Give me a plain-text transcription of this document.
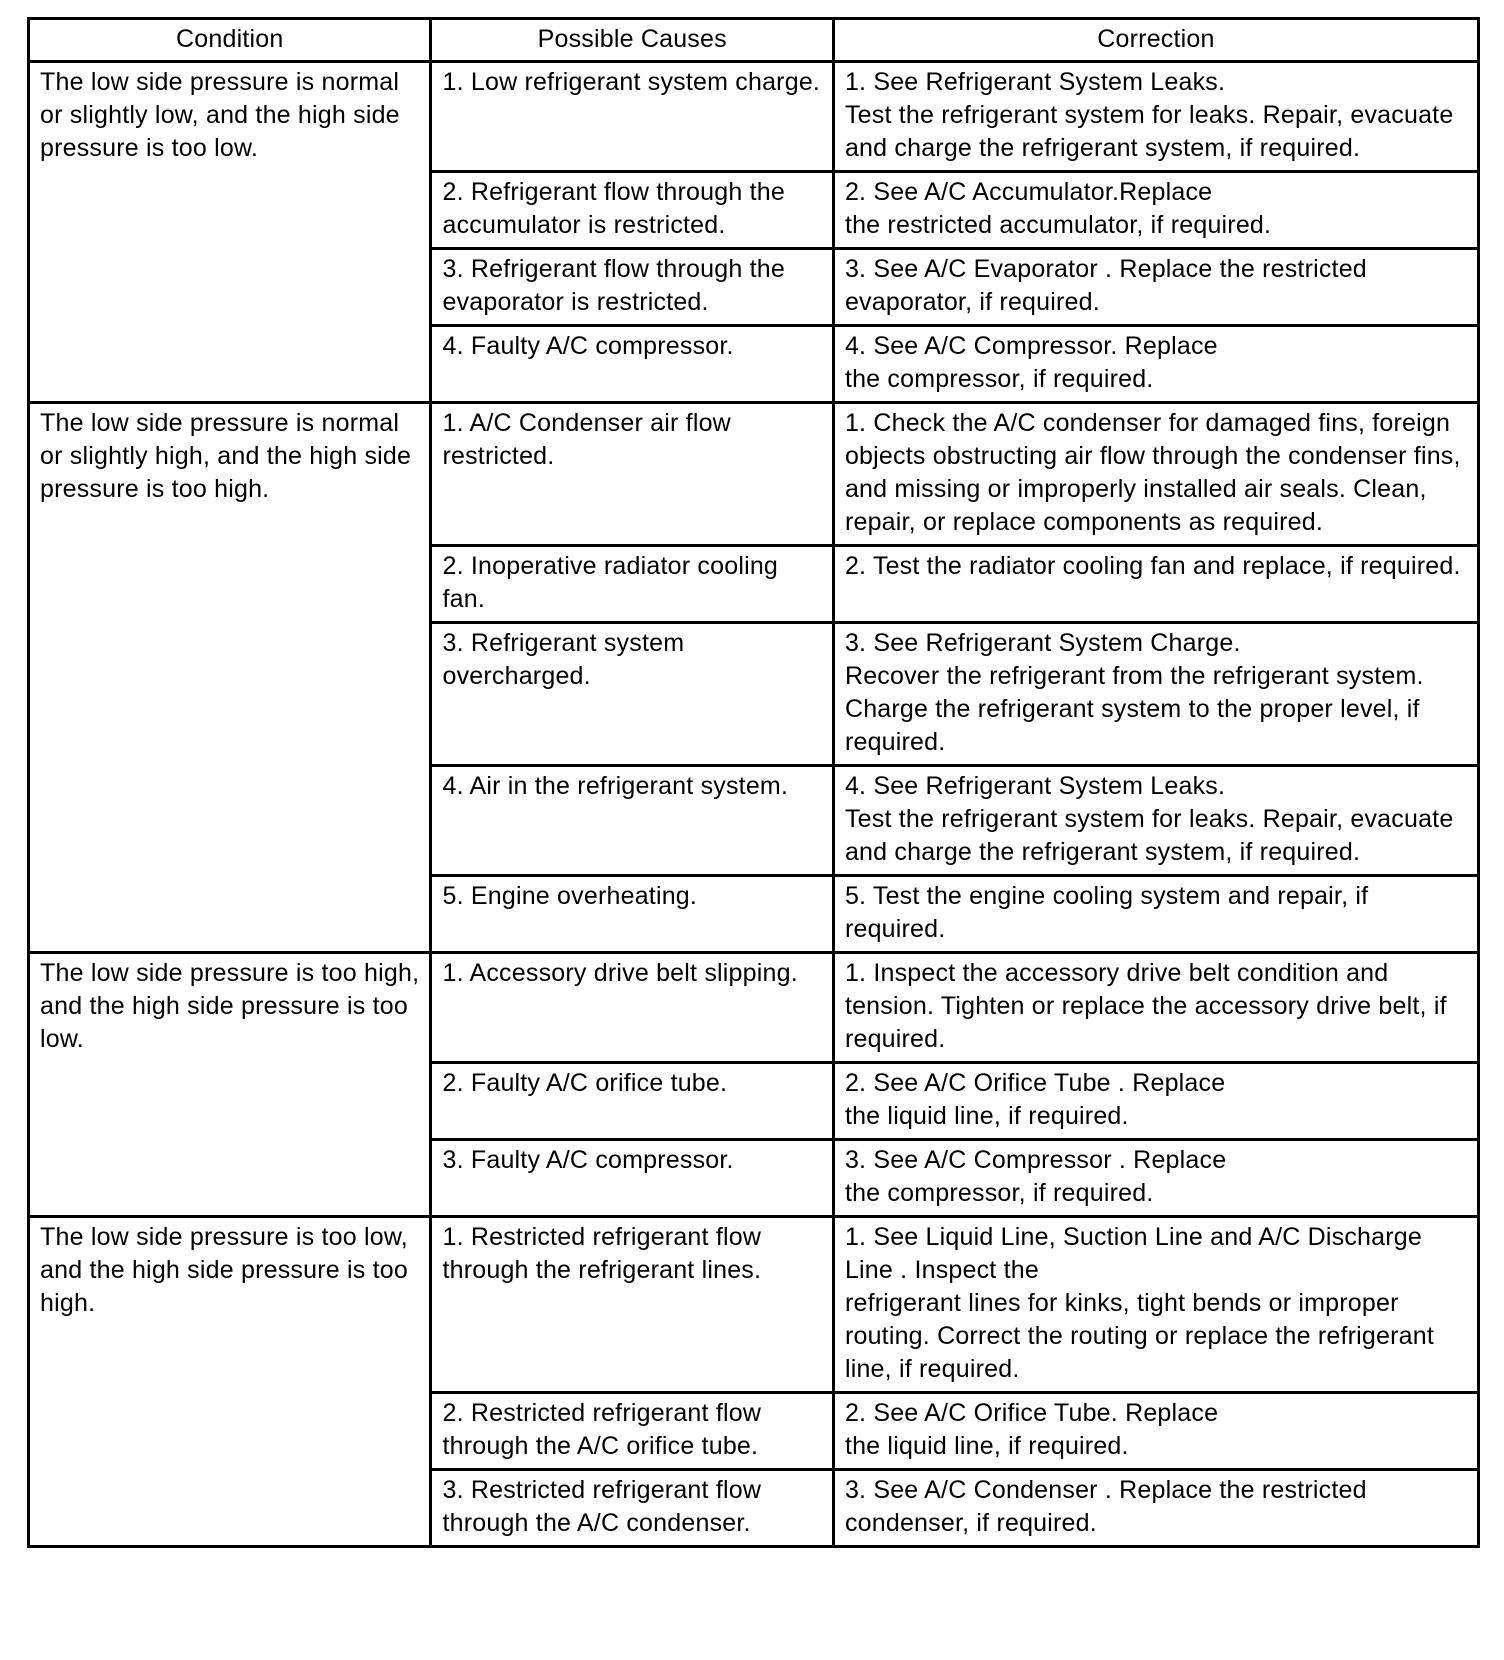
Condition	Possible Causes	Correction
The low side pressure is normal or slightly low, and the high side pressure is too low.	1. Low refrigerant system charge.	1. See Refrigerant System Leaks.
Test the refrigerant system for leaks. Repair, evacuate and charge the refrigerant system, if required.

	2. Refrigerant flow through the accumulator is restricted.	2. See A/C Accumulator.Replace
the restricted accumulator, if required.

	3. Refrigerant flow through the evaporator is restricted.	3. See A/C Evaporator . Replace the restricted evaporator, if required.

	4. Faulty A/C compressor.	4. See A/C Compressor. Replace
the compressor, if required.

The low side pressure is normal or slightly high, and the high side pressure is too high.	1. A/C Condenser air flow restricted.	1. Check the A/C condenser for damaged fins, foreign objects obstructing air flow through the condenser fins, and missing or improperly installed air seals. Clean, repair, or replace components as required.

	2. Inoperative radiator cooling fan.	2. Test the radiator cooling fan and replace, if required.

	3. Refrigerant system overcharged.	3. See Refrigerant System Charge.
Recover the refrigerant from the refrigerant system. Charge the refrigerant system to the proper level, if required.

	4. Air in the refrigerant system.	4. See Refrigerant System Leaks.
Test the refrigerant system for leaks. Repair, evacuate and charge the refrigerant system, if required.

	5. Engine overheating.	5. Test the engine cooling system and repair, if required.

The low side pressure is too high, and the high side pressure is too low.	1. Accessory drive belt slipping.	1. Inspect the accessory drive belt condition and tension. Tighten or replace the accessory drive belt, if required.

	2. Faulty A/C orifice tube.	2. See A/C Orifice Tube . Replace
the liquid line, if required.

	3. Faulty A/C compressor.	3. See A/C Compressor . Replace
the compressor, if required.

The low side pressure is too low, and the high side pressure is too high.	1. Restricted refrigerant flow through the refrigerant lines.	1. See Liquid Line, Suction Line and A/C Discharge Line . Inspect the
refrigerant lines for kinks, tight bends or improper routing. Correct the routing or replace the refrigerant line, if required.

	2. Restricted refrigerant flow through the A/C orifice tube.	2. See A/C Orifice Tube. Replace
the liquid line, if required.

	3. Restricted refrigerant flow through the A/C condenser.	3. See A/C Condenser . Replace the restricted condenser, if required.
